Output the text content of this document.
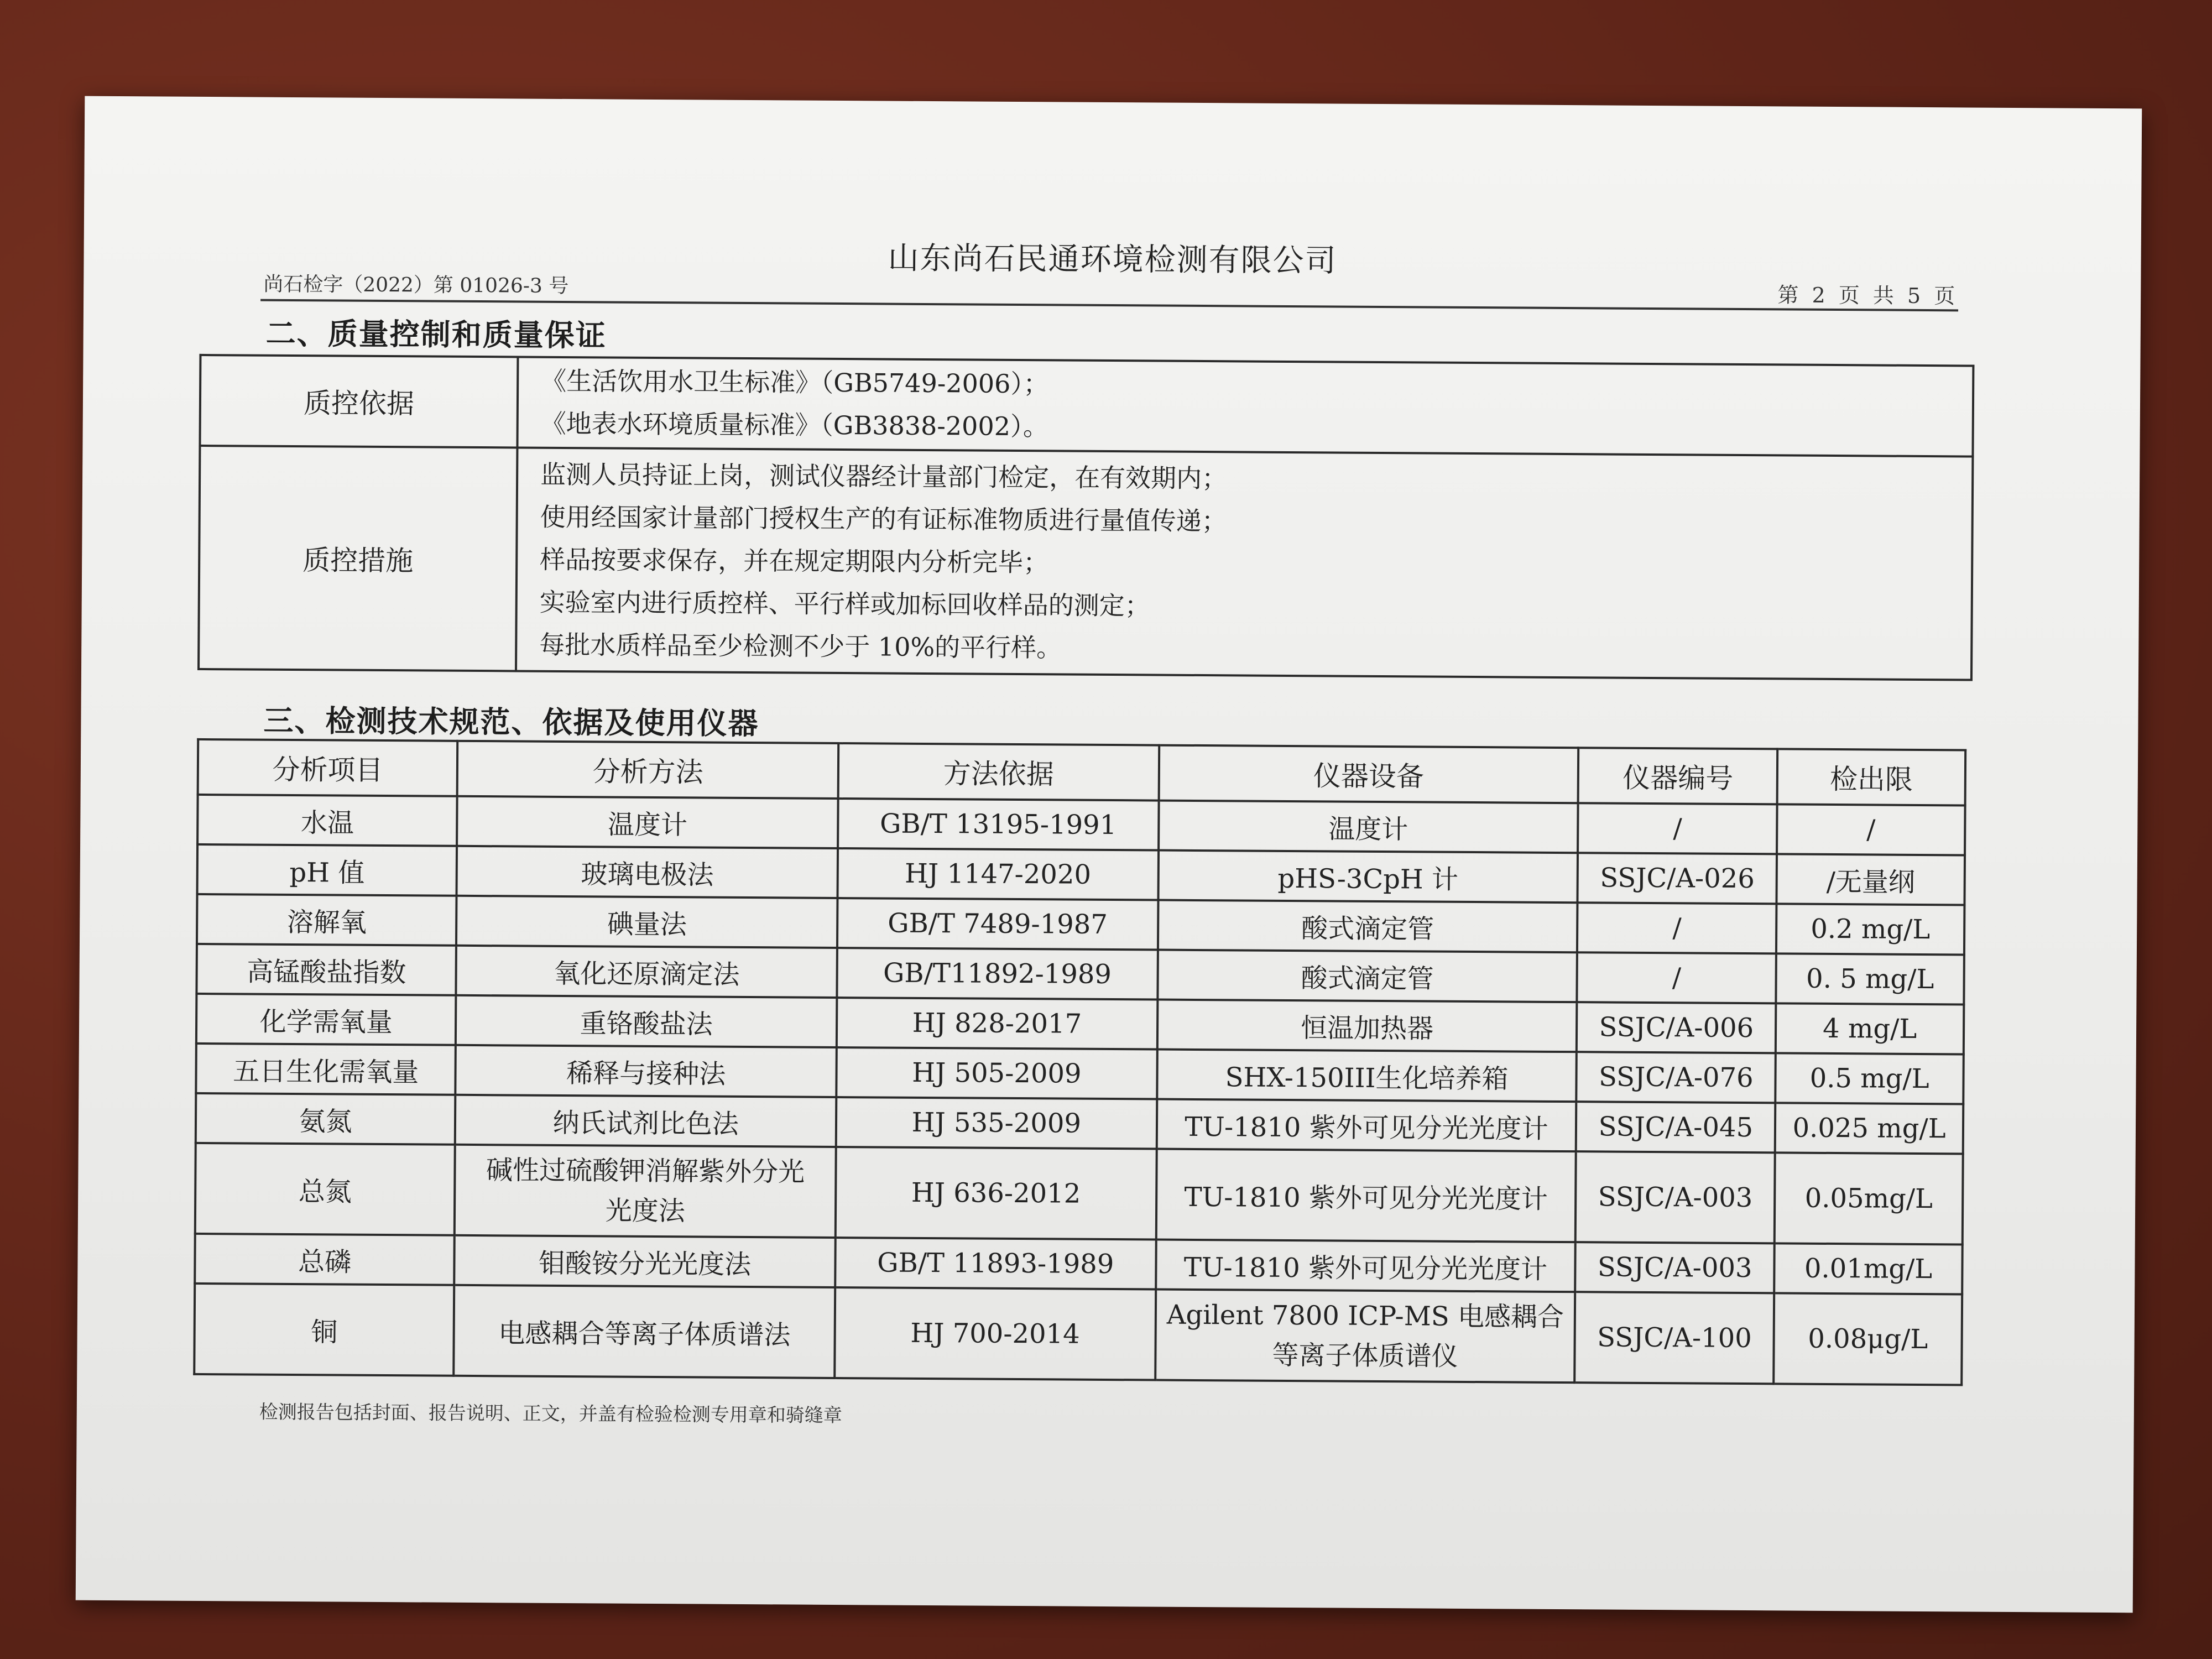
山东尚石民通环境检测有限公司
尚石检字（2022）第 01026-3 号	第 2 页 共 5 页
二、质量控制和质量保证
质控依据	《生活饮用水卫生标准》（GB5749-2006）；
《地表水环境质量标准》（GB3838-2002）。

质控措施	监测人员持证上岗，测试仪器经计量部门检定，在有效期内；
使用经国家计量部门授权生产的有证标准物质进行量值传递；
样品按要求保存，并在规定期限内分析完毕；
实验室内进行质控样、平行样或加标回收样品的测定；
每批水质样品至少检测不少于 10%的平行样。
三、检测技术规范、依据及使用仪器
分析项目	分析方法	方法依据	仪器设备	仪器编号	检出限
水温	温度计	GB/T 13195-1991	温度计	/	/
pH 值	玻璃电极法	HJ 1147-2020	pHS-3CpH 计	SSJC/A-026	/无量纲
溶解氧	碘量法	GB/T 7489-1987	酸式滴定管	/	0.2 mg/L
高锰酸盐指数	氧化还原滴定法	GB/T11892-1989	酸式滴定管	/	0. 5 mg/L
化学需氧量	重铬酸盐法	HJ 828-2017	恒温加热器	SSJC/A-006	4 mg/L
五日生化需氧量	稀释与接种法	HJ 505-2009	SHX-150III生化培养箱	SSJC/A-076	0.5 mg/L
氨氮	纳氏试剂比色法	HJ 535-2009	TU-1810 紫外可见分光光度计	SSJC/A-045	0.025 mg/L
总氮	碱性过硫酸钾消解紫外分光
光度法	HJ 636-2012	TU-1810 紫外可见分光光度计	SSJC/A-003	0.05mg/L
总磷	钼酸铵分光光度法	GB/T 11893-1989	TU-1810 紫外可见分光光度计	SSJC/A-003	0.01mg/L
铜	电感耦合等离子体质谱法	HJ 700-2014	Agilent 7800 ICP-MS 电感耦合
等离子体质谱仪	SSJC/A-100	0.08μg/L
检测报告包括封面、报告说明、正文，并盖有检验检测专用章和骑缝章
